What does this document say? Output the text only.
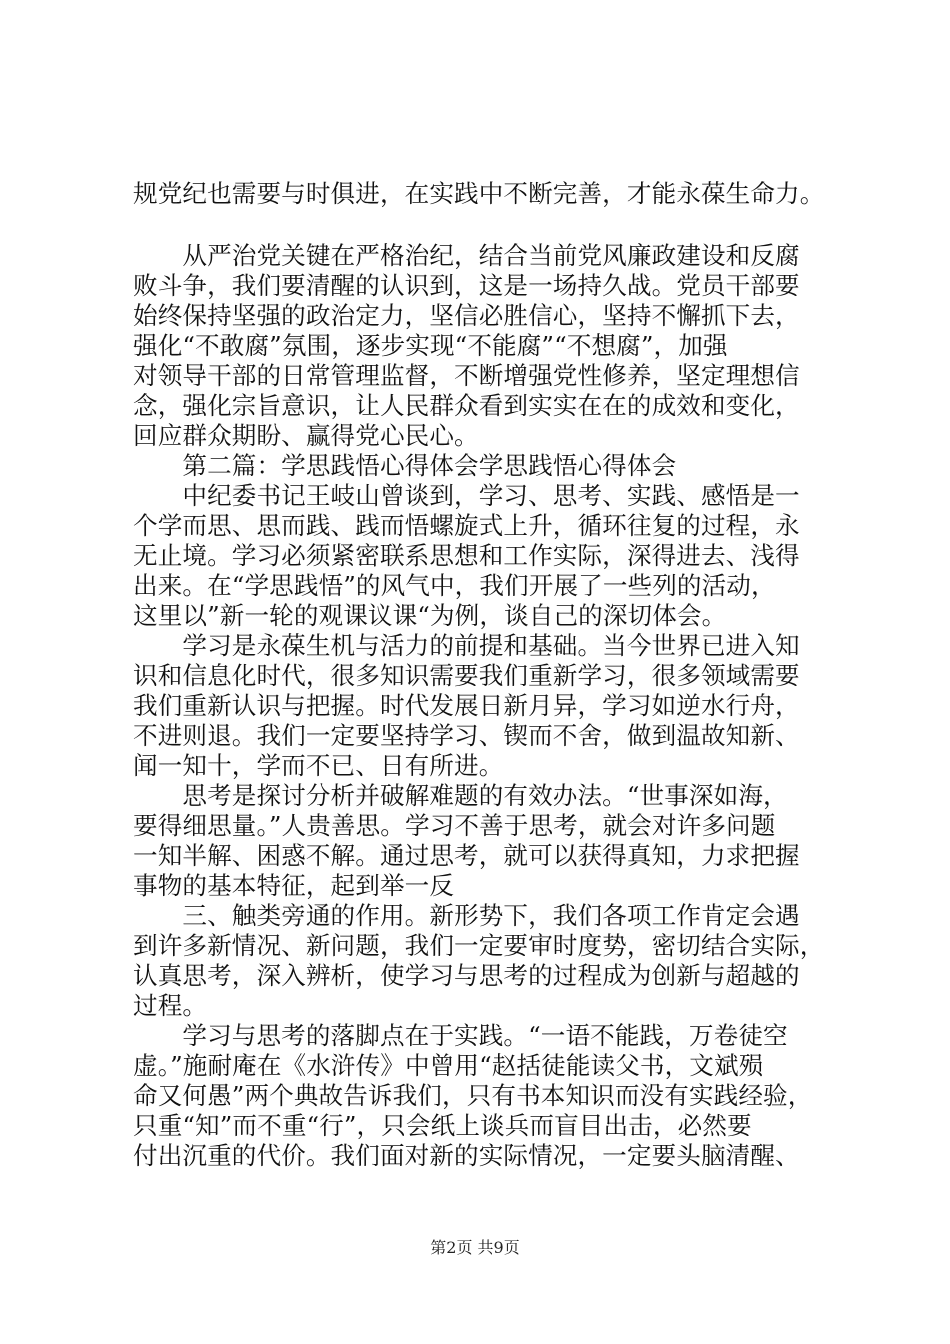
规党纪也需要与时俱进，在实践中不断完善，才能永葆生命力。

　　从严治党关键在严格治纪，结合当前党风廉政建设和反腐

败斗争，我们要清醒的认识到，这是一场持久战。党员干部要

始终保持坚强的政治定力，坚信必胜信心，坚持不懈抓下去，

强化“不敢腐”氛围，逐步实现“不能腐”“不想腐”，加强

对领导干部的日常管理监督，不断增强党性修养，坚定理想信

念，强化宗旨意识，让人民群众看到实实在在的成效和变化，

回应群众期盼、赢得党心民心。

　　第二篇：学思践悟心得体会学思践悟心得体会

　　中纪委书记王岐山曾谈到，学习、思考、实践、感悟是一

个学而思、思而践、践而悟螺旋式上升，循环往复的过程，永

无止境。学习必须紧密联系思想和工作实际，深得进去、浅得

出来。在“学思践悟”的风气中，我们开展了一些列的活动，

这里以”新一轮的观课议课“为例，谈自己的深切体会。

　　学习是永葆生机与活力的前提和基础。当今世界已进入知

识和信息化时代，很多知识需要我们重新学习，很多领域需要

我们重新认识与把握。时代发展日新月异，学习如逆水行舟，

不进则退。我们一定要坚持学习、锲而不舍，做到温故知新、

闻一知十，学而不已、日有所进。

　　思考是探讨分析并破解难题的有效办法。“世事深如海，

要得细思量。”人贵善思。学习不善于思考，就会对许多问题

一知半解、困惑不解。通过思考，就可以获得真知，力求把握

事物的基本特征，起到举一反

　　三、触类旁通的作用。新形势下，我们各项工作肯定会遇

到许多新情况、新问题，我们一定要审时度势，密切结合实际，

认真思考，深入辨析，使学习与思考的过程成为创新与超越的

过程。

　　学习与思考的落脚点在于实践。“一语不能践，万卷徒空

虚。”施耐庵在《水浒传》中曾用“赵括徒能读父书，文斌殒

命又何愚”两个典故告诉我们，只有书本知识而没有实践经验，

只重“知”而不重“行”，只会纸上谈兵而盲目出击，必然要

付出沉重的代价。我们面对新的实际情况，一定要头脑清醒、

第2页 共9页
